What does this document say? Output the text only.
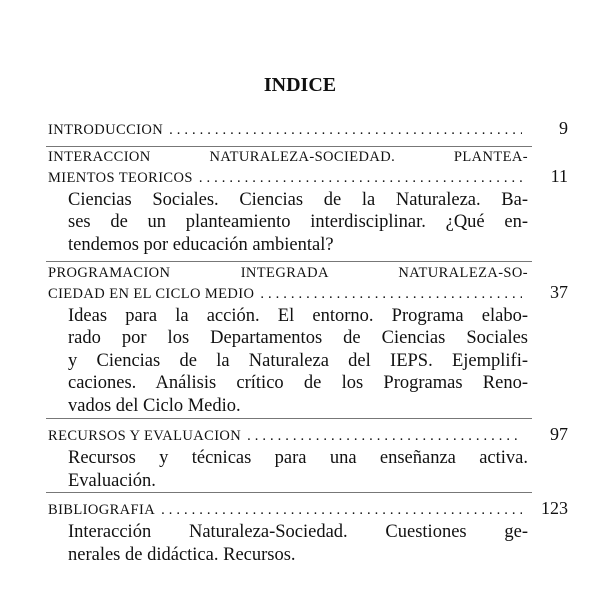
INDICE
INTRODUCCION .....	9
INTERACCION NATURALEZA-SOCIEDAD. PLANTEA-
MIENTOS TEORICOS .....	11
Ciencias Sociales. Ciencias de la Naturaleza. Ba-
ses de un planteamiento interdisciplinar. ¿Qué en-
tendemos por educación ambiental?
PROGRAMACION INTEGRADA NATURALEZA-SO-
CIEDAD EN EL CICLO MEDIO .....	37
Ideas para la acción. El entorno. Programa elabo-
rado por los Departamentos de Ciencias Sociales
y Ciencias de la Naturaleza del IEPS. Ejemplifi-
caciones. Análisis crítico de los Programas Reno-
vados del Ciclo Medio.
RECURSOS Y EVALUACION .....	97
Recursos y técnicas para una enseñanza activa.
Evaluación.
BIBLIOGRAFIA .....	123
Interacción Naturaleza-Sociedad. Cuestiones ge-
nerales de didáctica. Recursos.
